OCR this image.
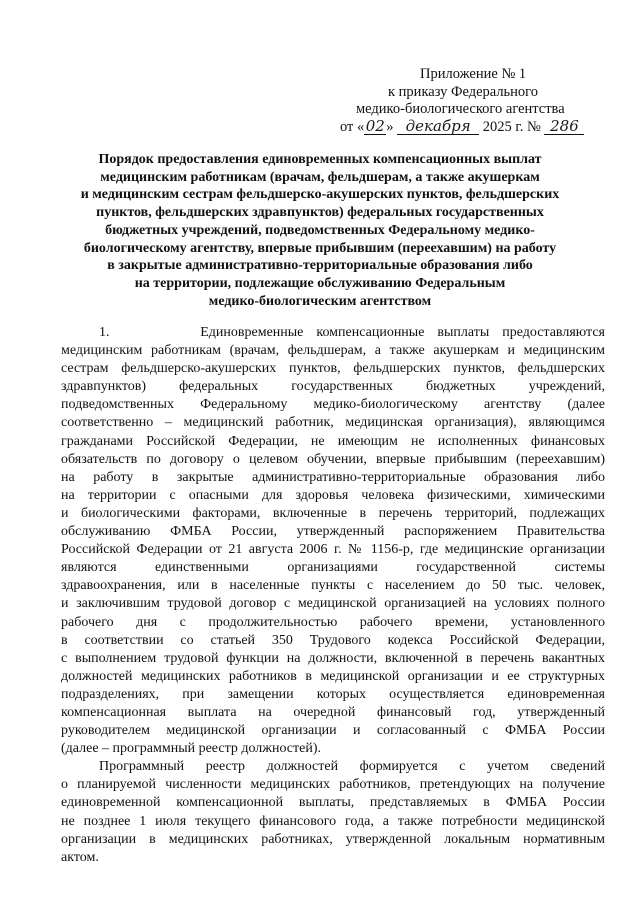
Приложение № 1
к приказу Федерального
медико-биологического агентства
от «02» декабря 2025 г. № 286
Порядок предоставления единовременных компенсационных выплат
медицинским работникам (врачам, фельдшерам, а также акушеркам
и медицинским сестрам фельдшерско-акушерских пунктов, фельдшерских
пунктов, фельдшерских здравпунктов) федеральных государственных
бюджетных учреждений, подведомственных Федеральному медико-
биологическому агентству, впервые прибывшим (переехавшим) на работу
в закрытые административно-территориальные образования либо
на территории, подлежащие обслуживанию Федеральным
медико-биологическим агентством
1.       Единовременные компенсационные выплаты предоставляются
медицинским работникам (врачам, фельдшерам, а также акушеркам и медицинским
сестрам фельдшерско-акушерских пунктов, фельдшерских пунктов, фельдшерских
здравпунктов) федеральных государственных бюджетных учреждений,
подведомственных Федеральному медико-биологическому агентству (далее
соответственно – медицинский работник, медицинская организация), являющимся
гражданами Российской Федерации, не имеющим не исполненных финансовых
обязательств по договору о целевом обучении, впервые прибывшим (переехавшим)
на работу в закрытые административно-территориальные образования либо
на территории с опасными для здоровья человека физическими, химическими
и биологическими факторами, включенные в перечень территорий, подлежащих
обслуживанию ФМБА России, утвержденный распоряжением Правительства
Российской Федерации от 21 августа 2006 г. № 1156-р, где медицинские организации
являются единственными организациями государственной системы
здравоохранения, или в населенные пункты с населением до 50 тыс. человек,
и заключившим трудовой договор с медицинской организацией на условиях полного
рабочего дня с продолжительностью рабочего времени, установленного
в соответствии со статьей 350 Трудового кодекса Российской Федерации,
с выполнением трудовой функции на должности, включенной в перечень вакантных
должностей медицинских работников в медицинской организации и ее структурных
подразделениях, при замещении которых осуществляется единовременная
компенсационная выплата на очередной финансовый год, утвержденный
руководителем медицинской организации и согласованный с ФМБА России
(далее – программный реестр должностей).
Программный реестр должностей формируется с учетом сведений
о планируемой численности медицинских работников, претендующих на получение
единовременной компенсационной выплаты, представляемых в ФМБА России
не позднее 1 июля текущего финансового года, а также потребности медицинской
организации в медицинских работниках, утвержденной локальным нормативным
актом.
